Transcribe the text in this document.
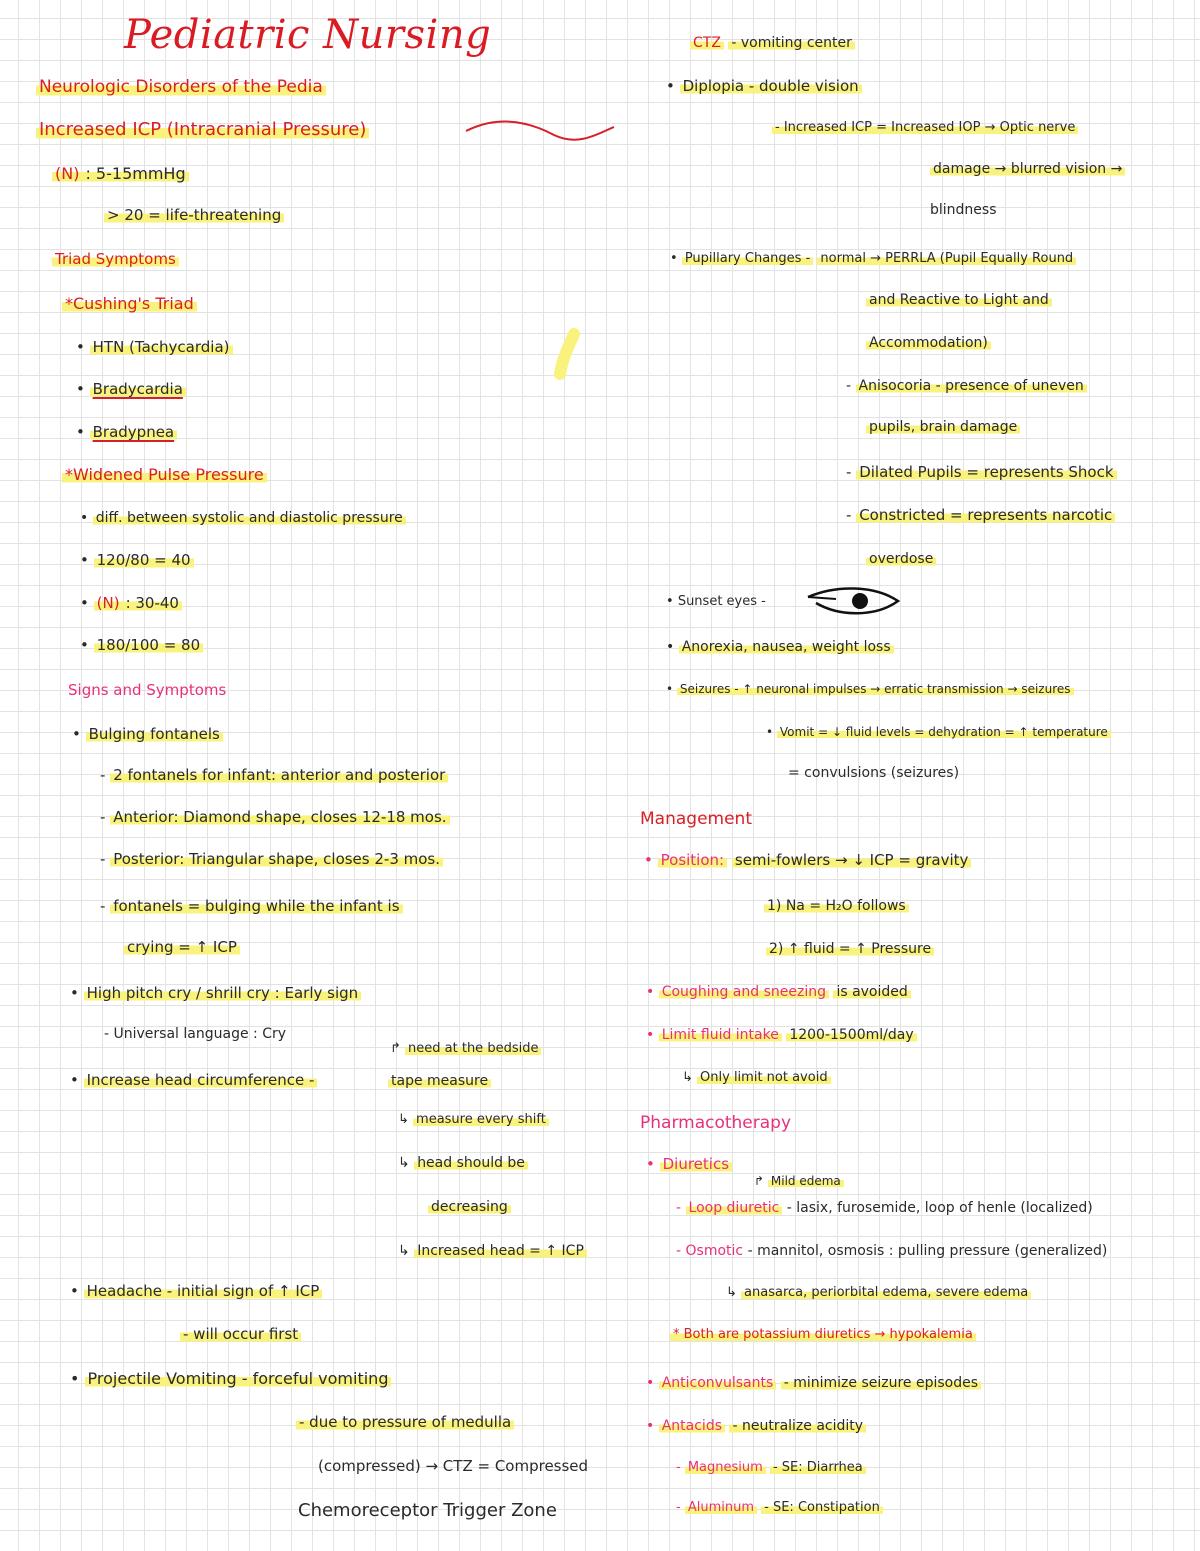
Pediatric Nursing
Neurologic Disorders of the Pedia
Increased ICP (Intracranial Pressure)
(N) : 5-15mmHg
> 20 = life-threatening
Triad Symptoms
*Cushing's Triad
• HTN (Tachycardia)
• Bradycardia
• Bradypnea
*Widened Pulse Pressure
• diff. between systolic and diastolic pressure
• 120/80 = 40
• (N) : 30-40
• 180/100 = 80
Signs and Symptoms
• Bulging fontanels
- 2 fontanels for infant: anterior and posterior
- Anterior: Diamond shape, closes 12-18 mos.
- Posterior: Triangular shape, closes 2-3 mos.
- fontanels = bulging while the infant is
crying = ↑ ICP
• High pitch cry / shrill cry : Early sign
- Universal language : Cry
↱ need at the bedside
• Increase head circumference -	tape measure
↳ measure every shift
↳ head should be
decreasing
↳ Increased head = ↑ ICP
• Headache - initial sign of ↑ ICP
- will occur first
• Projectile Vomiting - forceful vomiting
- due to pressure of medulla
(compressed) → CTZ = Compressed
Chemoreceptor Trigger Zone
CTZ - vomiting center
• Diplopia - double vision
- Increased ICP = Increased IOP → Optic nerve
damage → blurred vision →
blindness
• Pupillary Changes - normal → PERRLA (Pupil Equally Round
and Reactive to Light and
Accommodation)
- Anisocoria - presence of uneven
pupils, brain damage
- Dilated Pupils = represents Shock
- Constricted = represents narcotic
overdose
• Sunset eyes -
• Anorexia, nausea, weight loss
• Seizures - ↑ neuronal impulses → erratic transmission → seizures
• Vomit = ↓ fluid levels = dehydration = ↑ temperature
= convulsions (seizures)
Management
• Position: semi-fowlers → ↓ ICP = gravity
1) Na = H₂O follows
2) ↑ fluid = ↑ Pressure
• Coughing and sneezing is avoided
• Limit fluid intake 1200-1500ml/day
↳ Only limit not avoid
Pharmacotherapy
• Diuretics
↱ Mild edema
- Loop diuretic - lasix, furosemide, loop of henle (localized)
- Osmotic - mannitol, osmosis : pulling pressure (generalized)
↳ anasarca, periorbital edema, severe edema
* Both are potassium diuretics → hypokalemia
• Anticonvulsants - minimize seizure episodes
• Antacids - neutralize acidity
- Magnesium - SE: Diarrhea
- Aluminum - SE: Constipation
